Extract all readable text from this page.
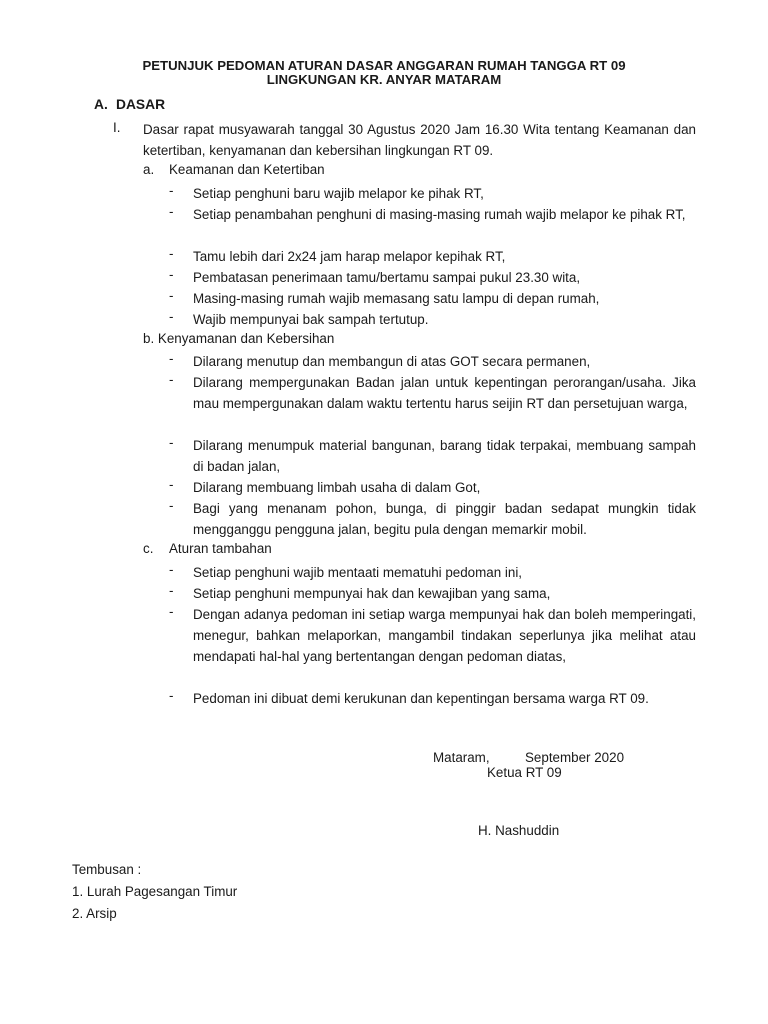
PETUNJUK PEDOMAN ATURAN DASAR ANGGARAN RUMAH TANGGA RT 09
LINGKUNGAN KR. ANYAR MATARAM
A. DASAR
I. Dasar rapat musyawarah tanggal 30 Agustus 2020 Jam 16.30 Wita tentang Keamanan dan ketertiban, kenyamanan dan kebersihan lingkungan RT 09.
a. Keamanan dan Ketertiban
- Setiap penghuni baru wajib melapor ke pihak RT,
- Setiap penambahan penghuni di masing-masing rumah wajib melapor ke pihak RT,
- Tamu lebih dari 2x24 jam harap melapor kepihak RT,
- Pembatasan penerimaan tamu/bertamu sampai pukul 23.30 wita,
- Masing-masing rumah wajib memasang satu lampu di depan rumah,
- Wajib mempunyai bak sampah tertutup.
b. Kenyamanan dan Kebersihan
- Dilarang menutup dan membangun di atas GOT secara permanen,
- Dilarang mempergunakan Badan jalan untuk kepentingan perorangan/usaha. Jika mau mempergunakan dalam waktu tertentu harus seijin RT dan persetujuan warga,
- Dilarang menumpuk material bangunan, barang tidak terpakai, membuang sampah di badan jalan,
- Dilarang membuang limbah usaha di dalam Got,
- Bagi yang menanam pohon, bunga, di pinggir badan sedapat mungkin tidak mengganggu pengguna jalan, begitu pula dengan memarkir mobil.
c. Aturan tambahan
- Setiap penghuni wajib mentaati mematuhi pedoman ini,
- Setiap penghuni mempunyai hak dan kewajiban yang sama,
- Dengan adanya pedoman ini setiap warga mempunyai hak dan boleh memperingati, menegur, bahkan melaporkan, mangambil tindakan seperlunya jika melihat atau mendapati hal-hal yang bertentangan dengan pedoman diatas,
- Pedoman ini dibuat demi kerukunan dan kepentingan bersama warga RT 09.
Mataram,	September 2020
Ketua RT 09
H. Nashuddin
Tembusan :
1. Lurah Pagesangan Timur
2. Arsip
